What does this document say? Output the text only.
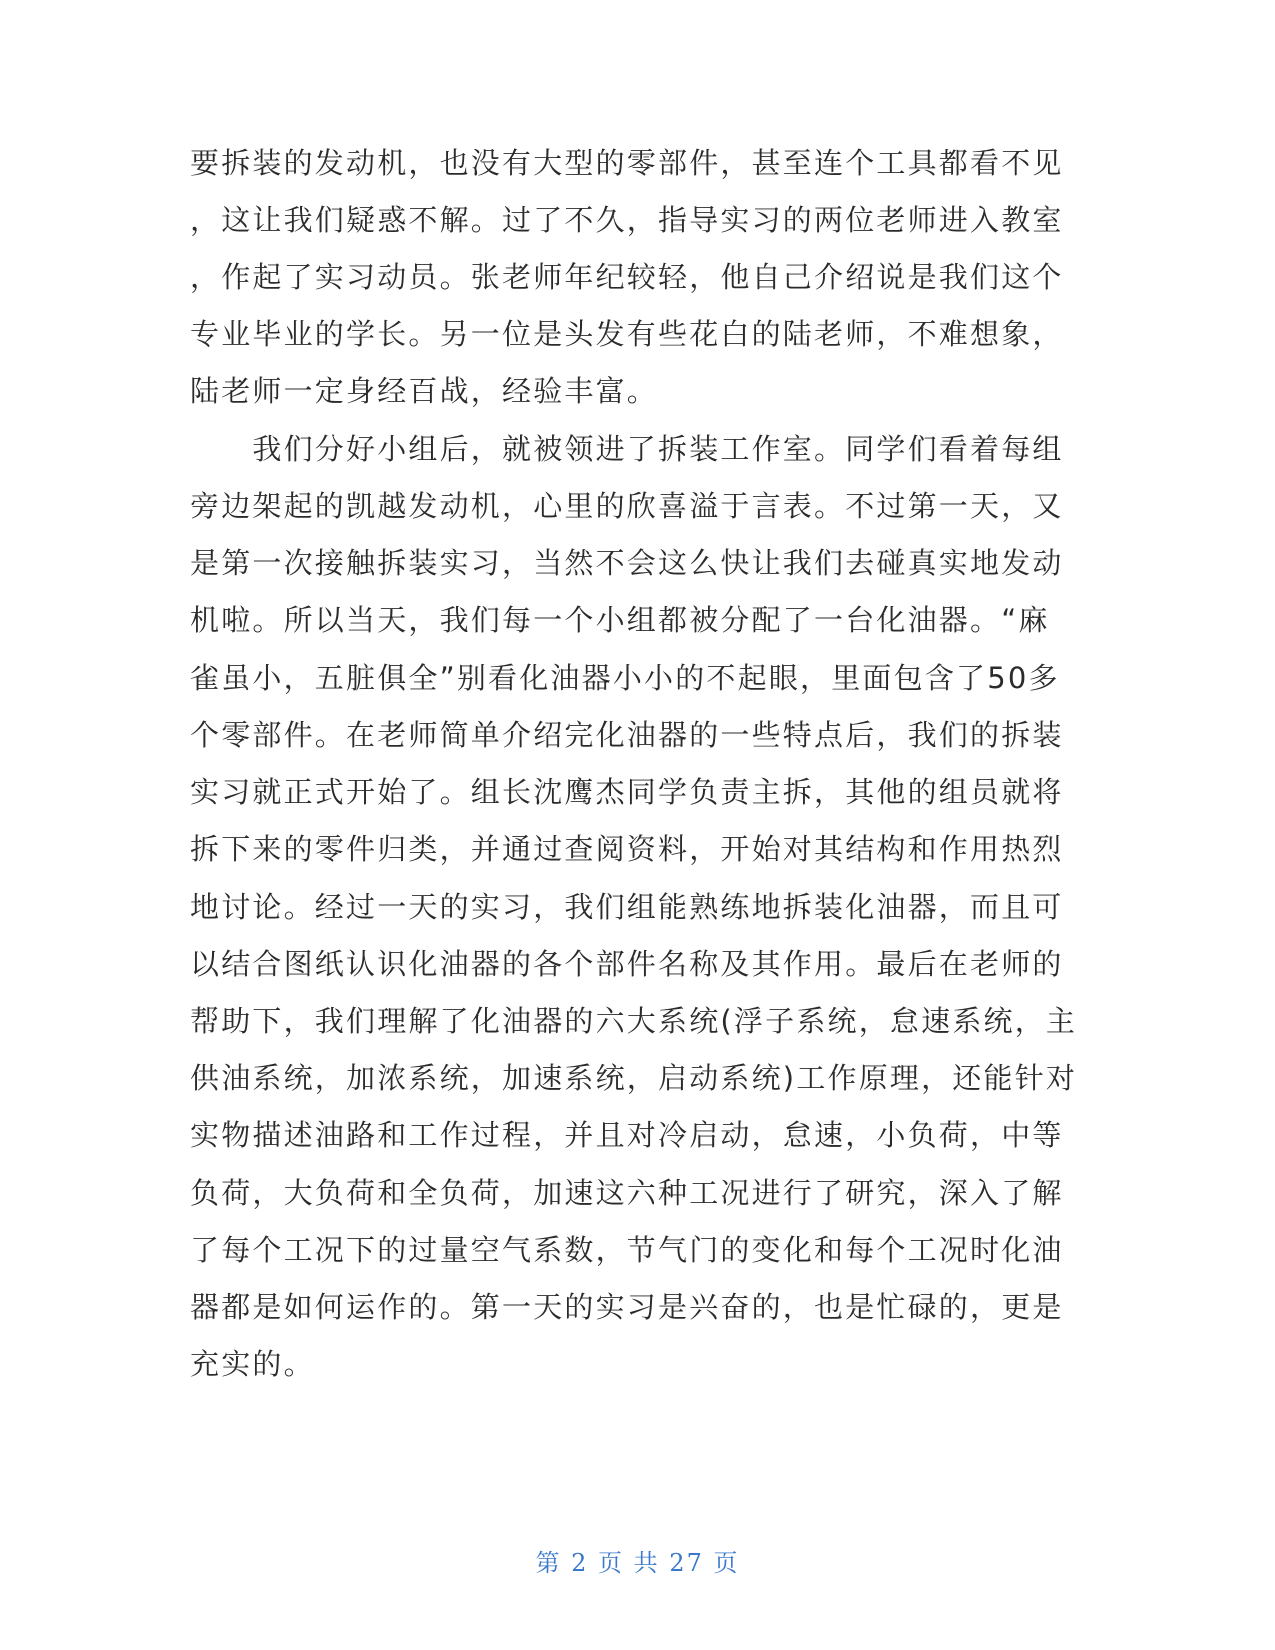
要拆装的发动机，也没有大型的零部件，甚至连个工具都看不见
，这让我们疑惑不解。过了不久，指导实习的两位老师进入教室
，作起了实习动员。张老师年纪较轻，他自己介绍说是我们这个
专业毕业的学长。另一位是头发有些花白的陆老师，不难想象，
陆老师一定身经百战，经验丰富。
　　我们分好小组后，就被领进了拆装工作室。同学们看着每组
旁边架起的凯越发动机，心里的欣喜溢于言表。不过第一天，又
是第一次接触拆装实习，当然不会这么快让我们去碰真实地发动
机啦。所以当天，我们每一个小组都被分配了一台化油器。“麻
雀虽小，五脏俱全”别看化油器小小的不起眼，里面包含了50多
个零部件。在老师简单介绍完化油器的一些特点后，我们的拆装
实习就正式开始了。组长沈鹰杰同学负责主拆，其他的组员就将
拆下来的零件归类，并通过查阅资料，开始对其结构和作用热烈
地讨论。经过一天的实习，我们组能熟练地拆装化油器，而且可
以结合图纸认识化油器的各个部件名称及其作用。最后在老师的
帮助下，我们理解了化油器的六大系统(浮子系统，怠速系统，主
供油系统，加浓系统，加速系统，启动系统)工作原理，还能针对
实物描述油路和工作过程，并且对冷启动，怠速，小负荷，中等
负荷，大负荷和全负荷，加速这六种工况进行了研究，深入了解
了每个工况下的过量空气系数，节气门的变化和每个工况时化油
器都是如何运作的。第一天的实习是兴奋的，也是忙碌的，更是
充实的。
第 2 页 共 27 页
